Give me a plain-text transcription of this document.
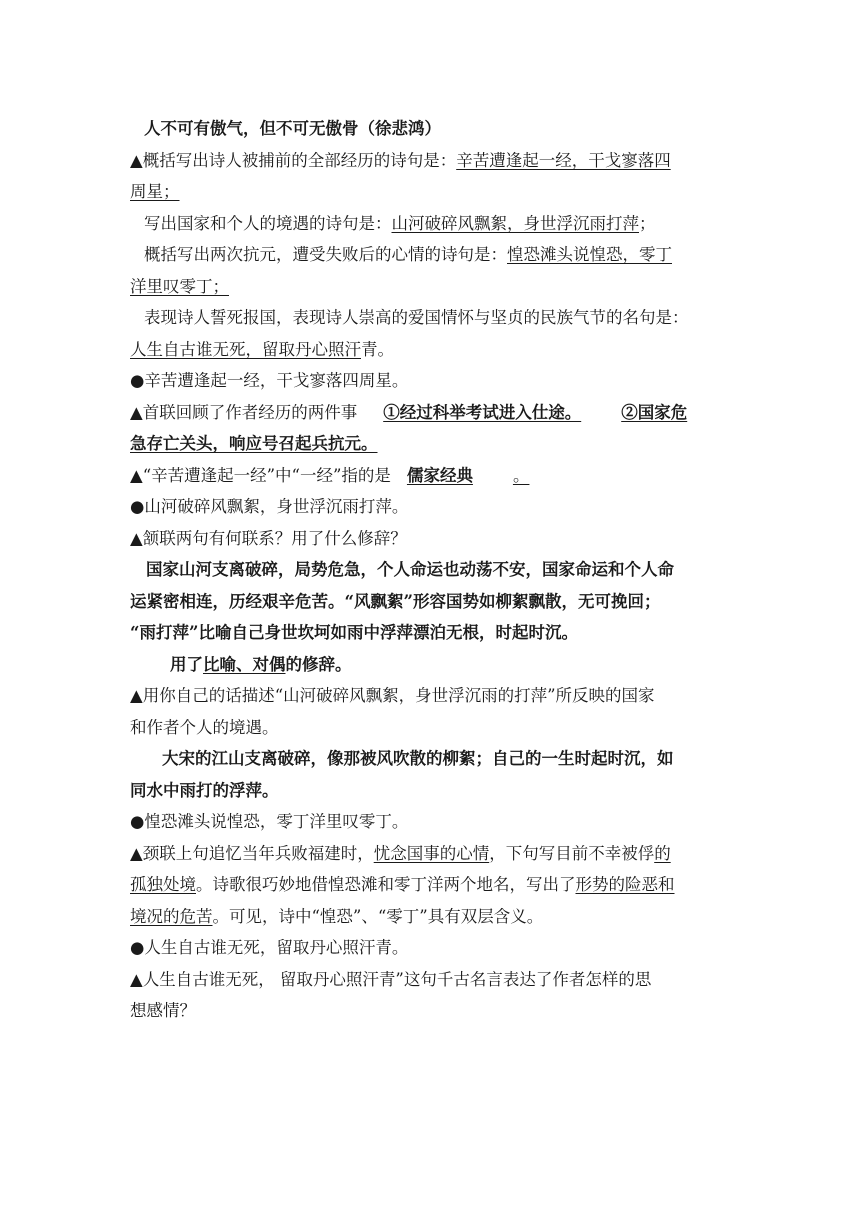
人不可有傲气，但不可无傲骨（徐悲鸿）
▲概括写出诗人被捕前的全部经历的诗句是：辛苦遭逢起一经，干戈寥落四
周星；
写出国家和个人的境遇的诗句是：山河破碎风飘絮，身世浮沉雨打萍；
概括写出两次抗元，遭受失败后的心情的诗句是：惶恐滩头说惶恐，零丁
洋里叹零丁；
表现诗人誓死报国，表现诗人崇高的爱国情怀与坚贞的民族气节的名句是：
人生自古谁无死，留取丹心照汗青。
●辛苦遭逢起一经，干戈寥落四周星。
▲首联回顾了作者经历的两件事 ①经过科举考试进入仕途。 ②国家危
急存亡关头，响应号召起兵抗元。
▲“辛苦遭逢起一经”中“一经”指的是 儒家经典 。
●山河破碎风飘絮，身世浮沉雨打萍。
▲颔联两句有何联系？用了什么修辞？
国家山河支离破碎，局势危急，个人命运也动荡不安，国家命运和个人命
运紧密相连，历经艰辛危苦。“风飘絮”形容国势如柳絮飘散，无可挽回；
“雨打萍”比喻自己身世坎坷如雨中浮萍漂泊无根，时起时沉。
用了比喻、对偶的修辞。
▲用你自己的话描述“山河破碎风飘絮，身世浮沉雨的打萍”所反映的国家
和作者个人的境遇。
大宋的江山支离破碎，像那被风吹散的柳絮；自己的一生时起时沉，如
同水中雨打的浮萍。
●惶恐滩头说惶恐，零丁洋里叹零丁。
▲颈联上句追忆当年兵败福建时，忧念国事的心情，下句写目前不幸被俘的
孤独处境。诗歌很巧妙地借惶恐滩和零丁洋两个地名，写出了形势的险恶和
境况的危苦。可见，诗中“惶恐”、“零丁”具有双层含义。
●人生自古谁无死，留取丹心照汗青。
▲人生自古谁无死， 留取丹心照汗青”这句千古名言表达了作者怎样的思
想感情？
